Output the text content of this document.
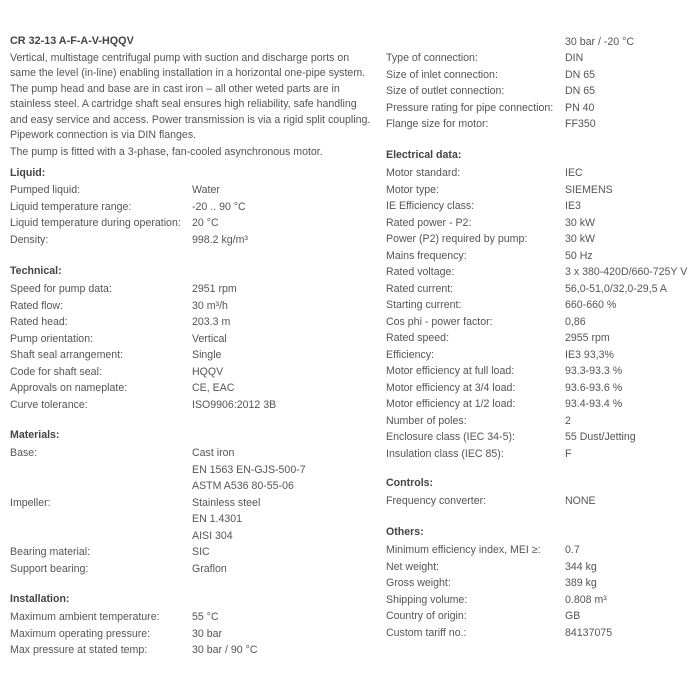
CR 32-13 A-F-A-V-HQQV
Vertical, multistage centrifugal pump with suction and discharge ports on same the level (in-line) enabling installation in a horizontal one-pipe system. The pump head and base are in cast iron – all other weted parts are in stainless steel. A cartridge shaft seal ensures high reliability, safe handling and easy service and access. Power transmission is via a rigid split coupling. Pipework connection is via DIN flanges.
The pump is fitted with a 3-phase, fan-cooled asynchronous motor.
Liquid:
Pumped liquid:	Water
Liquid temperature range:	-20 .. 90 °C
Liquid temperature during operation: 20 °C
Density:	998.2 kg/m³
Technical:
Speed for pump data:	2951 rpm
Rated flow:	30 m³/h
Rated head:	203.3 m
Pump orientation:	Vertical
Shaft seal arrangement:	Single
Code for shaft seal:	HQQV
Approvals on nameplate:	CE, EAC
Curve tolerance:	ISO9906:2012 3B
Materials:
Base:	Cast iron
EN 1563 EN-GJS-500-7
ASTM A536 80-55-06
Impeller:	Stainless steel
EN 1.4301
AISI 304
Bearing material:	SIC
Support bearing:	Graflon
Installation:
Maximum ambient temperature:	55 °C
Maximum operating pressure:	30 bar
Max pressure at stated temp:	30 bar / 90 °C
30 bar / -20 °C
Type of connection:	DIN
Size of inlet connection:	DN 65
Size of outlet connection:	DN 65
Pressure rating for pipe connection: PN 40
Flange size for motor:	FF350
Electrical data:
Motor standard:	IEC
Motor type:	SIEMENS
IE Efficiency class:	IE3
Rated power - P2:	30 kW
Power (P2) required by pump:	30 kW
Mains frequency:	50 Hz
Rated voltage:	3 x 380-420D/660-725Y V
Rated current:	56,0-51,0/32,0-29,5 A
Starting current:	660-660 %
Cos phi - power factor:	0,86
Rated speed:	2955 rpm
Efficiency:	IE3 93,3%
Motor efficiency at full load:	93.3-93.3 %
Motor efficiency at 3/4 load:	93.6-93.6 %
Motor efficiency at 1/2 load:	93.4-93.4 %
Number of poles:	2
Enclosure class (IEC 34-5):	55 Dust/Jetting
Insulation class (IEC 85):	F
Controls:
Frequency converter:	NONE
Others:
Minimum efficiency index, MEI ≥: 0.7
Net weight:	344 kg
Gross weight:	389 kg
Shipping volume:	0.808 m³
Country of origin:	GB
Custom tariff no.:	84137075
